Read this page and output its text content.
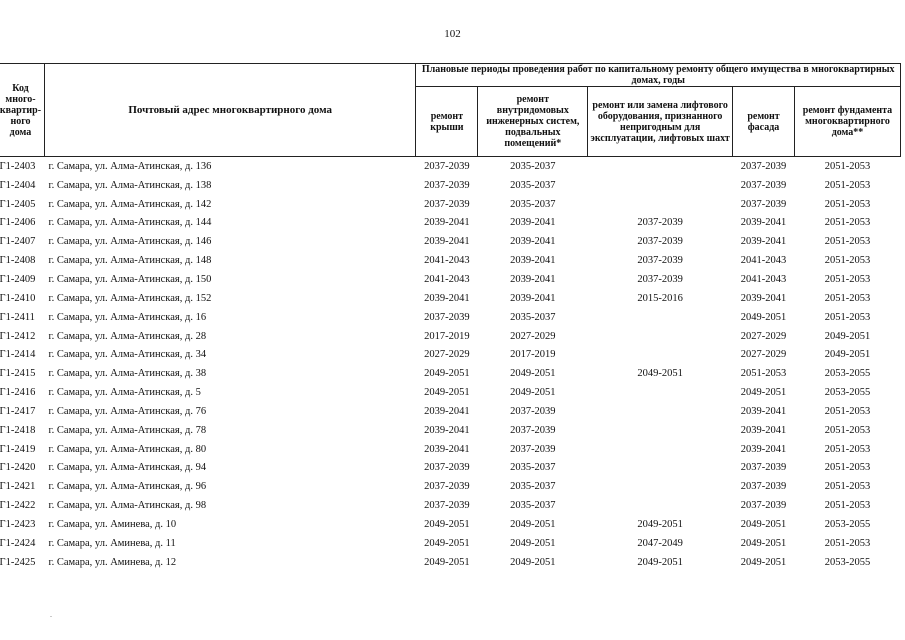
102
Код много-квартир-ного дома	Почтовый адрес многоквартирного дома	Плановые периоды проведения работ по капитальному ремонту общего имущества в многоквартирных домах, годы				
		ремонт крыши	ремонт внутридомовых инженерных систем, подвальных помещений*	ремонт или замена лифтового оборудования, признанного непригодным для эксплуатации, лифтовых шахт	ремонт фасада	ремонт фундамента многоквартирного дома**
Г1-2403	г. Самара, ул. Алма-Атинская, д. 136	2037-2039	2035-2037		2037-2039	2051-2053
Г1-2404	г. Самара, ул. Алма-Атинская, д. 138	2037-2039	2035-2037		2037-2039	2051-2053
Г1-2405	г. Самара, ул. Алма-Атинская, д. 142	2037-2039	2035-2037		2037-2039	2051-2053
Г1-2406	г. Самара, ул. Алма-Атинская, д. 144	2039-2041	2039-2041	2037-2039	2039-2041	2051-2053
Г1-2407	г. Самара, ул. Алма-Атинская, д. 146	2039-2041	2039-2041	2037-2039	2039-2041	2051-2053
Г1-2408	г. Самара, ул. Алма-Атинская, д. 148	2041-2043	2039-2041	2037-2039	2041-2043	2051-2053
Г1-2409	г. Самара, ул. Алма-Атинская, д. 150	2041-2043	2039-2041	2037-2039	2041-2043	2051-2053
Г1-2410	г. Самара, ул. Алма-Атинская, д. 152	2039-2041	2039-2041	2015-2016	2039-2041	2051-2053
Г1-2411	г. Самара, ул. Алма-Атинская, д. 16	2037-2039	2035-2037		2049-2051	2051-2053
Г1-2412	г. Самара, ул. Алма-Атинская, д. 28	2017-2019	2027-2029		2027-2029	2049-2051
Г1-2414	г. Самара, ул. Алма-Атинская, д. 34	2027-2029	2017-2019		2027-2029	2049-2051
Г1-2415	г. Самара, ул. Алма-Атинская, д. 38	2049-2051	2049-2051	2049-2051	2051-2053	2053-2055
Г1-2416	г. Самара, ул. Алма-Атинская, д. 5	2049-2051	2049-2051		2049-2051	2053-2055
Г1-2417	г. Самара, ул. Алма-Атинская, д. 76	2039-2041	2037-2039		2039-2041	2051-2053
Г1-2418	г. Самара, ул. Алма-Атинская, д. 78	2039-2041	2037-2039		2039-2041	2051-2053
Г1-2419	г. Самара, ул. Алма-Атинская, д. 80	2039-2041	2037-2039		2039-2041	2051-2053
Г1-2420	г. Самара, ул. Алма-Атинская, д. 94	2037-2039	2035-2037		2037-2039	2051-2053
Г1-2421	г. Самара, ул. Алма-Атинская, д. 96	2037-2039	2035-2037		2037-2039	2051-2053
Г1-2422	г. Самара, ул. Алма-Атинская, д. 98	2037-2039	2035-2037		2037-2039	2051-2053
Г1-2423	г. Самара, ул. Аминева, д. 10	2049-2051	2049-2051	2049-2051	2049-2051	2053-2055
Г1-2424	г. Самара, ул. Аминева, д. 11	2049-2051	2049-2051	2047-2049	2049-2051	2051-2053
Г1-2425	г. Самара, ул. Аминева, д. 12	2049-2051	2049-2051	2049-2051	2049-2051	2053-2055
.
